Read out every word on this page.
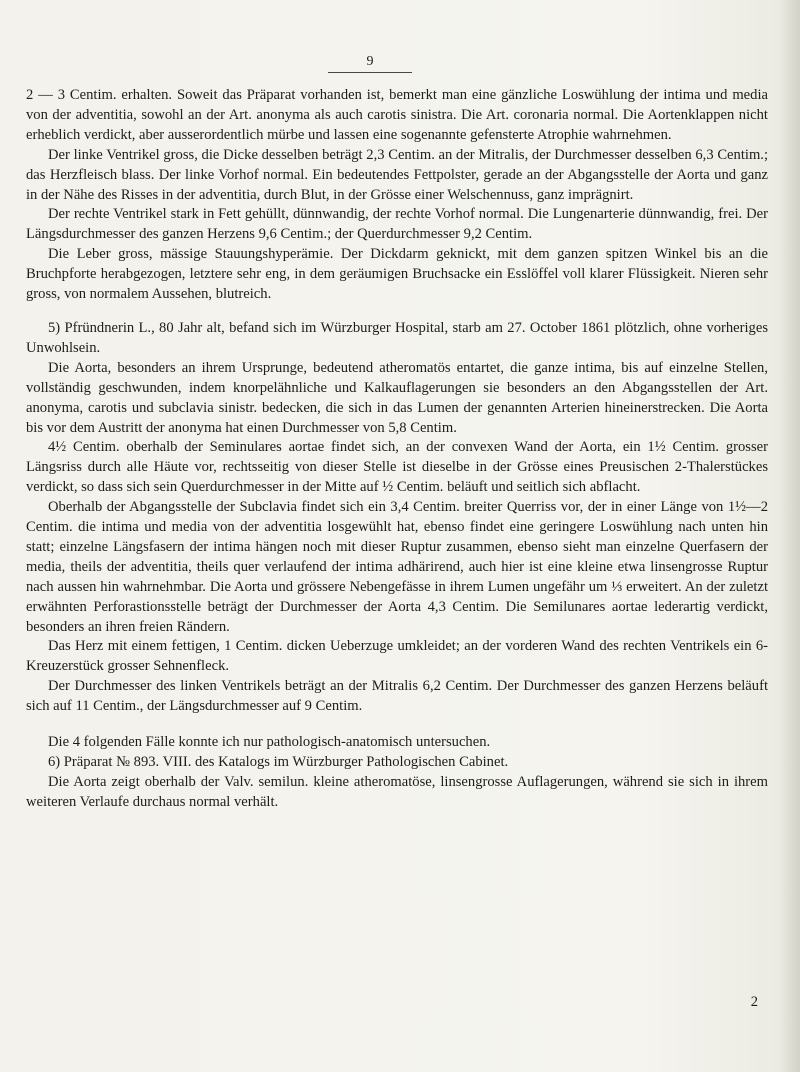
9

2 — 3 Centim. erhalten. Soweit das Präparat vorhanden ist, bemerkt man eine gänzliche Loswühlung der intima und media von der adventitia, sowohl an der Art. anonyma als auch carotis sinistra. Die Art. coronaria normal. Die Aortenklappen nicht erheblich verdickt, aber ausserordentlich mürbe und lassen eine sogenannte gefensterte Atrophie wahrnehmen.

Der linke Ventrikel gross, die Dicke desselben beträgt 2,3 Centim. an der Mitralis, der Durchmesser desselben 6,3 Centim.; das Herzfleisch blass. Der linke Vorhof normal. Ein bedeutendes Fettpolster, gerade an der Abgangsstelle der Aorta und ganz in der Nähe des Risses in der adventitia, durch Blut, in der Grösse einer Welschennuss, ganz imprägnirt.

Der rechte Ventrikel stark in Fett gehüllt, dünnwandig, der rechte Vorhof normal. Die Lungenarterie dünnwandig, frei. Der Längsdurchmesser des ganzen Herzens 9,6 Centim.; der Querdurchmesser 9,2 Centim.

Die Leber gross, mässige Stauungshyperämie. Der Dickdarm geknickt, mit dem ganzen spitzen Winkel bis an die Bruchpforte herabgezogen, letztere sehr eng, in dem geräumigen Bruchsacke ein Esslöffel voll klarer Flüssigkeit. Nieren sehr gross, von normalem Aussehen, blutreich.

5) Pfründnerin L., 80 Jahr alt, befand sich im Würzburger Hospital, starb am 27. October 1861 plötzlich, ohne vorheriges Unwohlsein.

Die Aorta, besonders an ihrem Ursprunge, bedeutend atheromatös entartet, die ganze intima, bis auf einzelne Stellen, vollständig geschwunden, indem knorpelähnliche und Kalkauflagerungen sie besonders an den Abgangsstellen der Art. anonyma, carotis und subclavia sinistr. bedecken, die sich in das Lumen der genannten Arterien hineinerstrecken. Die Aorta bis vor dem Austritt der anonyma hat einen Durchmesser von 5,8 Centim.

4½ Centim. oberhalb der Seminulares aortae findet sich, an der convexen Wand der Aorta, ein 1½ Centim. grosser Längsriss durch alle Häute vor, rechtsseitig von dieser Stelle ist dieselbe in der Grösse eines Preusischen 2-Thalerstückes verdickt, so dass sich sein Querdurchmesser in der Mitte auf ½ Centim. beläuft und seitlich sich abflacht.

Oberhalb der Abgangsstelle der Subclavia findet sich ein 3,4 Centim. breiter Querriss vor, der in einer Länge von 1½—2 Centim. die intima und media von der adventitia losgewühlt hat, ebenso findet eine geringere Loswühlung nach unten hin statt; einzelne Längsfasern der intima hängen noch mit dieser Ruptur zusammen, ebenso sieht man einzelne Querfasern der media, theils der adventitia, theils quer verlaufend der intima adhärirend, auch hier ist eine kleine etwa linsengrosse Ruptur nach aussen hin wahrnehmbar. Die Aorta und grössere Nebengefässe in ihrem Lumen ungefähr um ⅓ erweitert. An der zuletzt erwähnten Perforastionsstelle beträgt der Durchmesser der Aorta 4,3 Centim. Die Semilunares aortae lederartig verdickt, besonders an ihren freien Rändern.

Das Herz mit einem fettigen, 1 Centim. dicken Ueberzuge umkleidet; an der vorderen Wand des rechten Ventrikels ein 6-Kreuzerstück grosser Sehnenfleck.

Der Durchmesser des linken Ventrikels beträgt an der Mitralis 6,2 Centim. Der Durchmesser des ganzen Herzens beläuft sich auf 11 Centim., der Längsdurchmesser auf 9 Centim.

Die 4 folgenden Fälle konnte ich nur pathologisch-anatomisch untersuchen.

6) Präparat № 893. VIII. des Katalogs im Würzburger Pathologischen Cabinet.

Die Aorta zeigt oberhalb der Valv. semilun. kleine atheromatöse, linsengrosse Auflagerungen, während sie sich in ihrem weiteren Verlaufe durchaus normal verhält.

2
